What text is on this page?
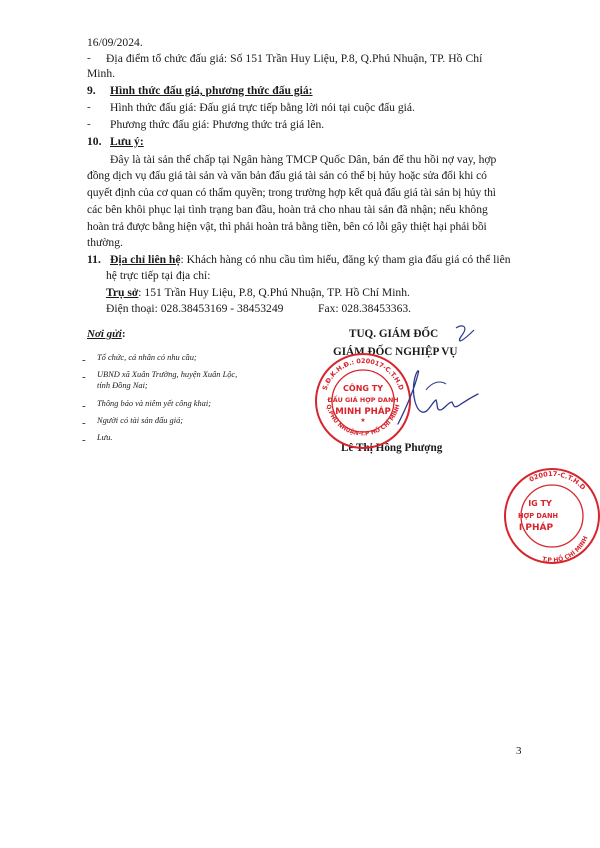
16/09/2024.

- Địa điểm tổ chức đấu giá: Số 151 Trần Huy Liệu, P.8, Q.Phú Nhuận, TP. Hồ Chí

Minh.

9. Hình thức đấu giá, phương thức đấu giá:

- Hình thức đấu giá: Đấu giá trực tiếp bằng lời nói tại cuộc đấu giá.

- Phương thức đấu giá: Phương thức trả giá lên.

10. Lưu ý:

Đây là tài sản thế chấp tại Ngân hàng TMCP Quốc Dân, bán để thu hồi nợ vay, hợp

đồng dịch vụ đấu giá tài sản và văn bản đấu giá tài sản có thể bị hủy hoặc sửa đổi khi có

quyết định của cơ quan có thẩm quyền; trong trường hợp kết quả đấu giá tài sản bị hủy thì

các bên khôi phục lại tình trạng ban đầu, hoàn trả cho nhau tài sản đã nhận; nếu không

hoàn trả được bằng hiện vật, thì phải hoàn trả bằng tiền, bên có lỗi gây thiệt hại phải bồi

thường.

11. Địa chỉ liên hệ: Khách hàng có nhu cầu tìm hiểu, đăng ký tham gia đấu giá có thể liên

hệ trực tiếp tại địa chỉ:

Trụ sở: 151 Trần Huy Liệu, P.8, Q.Phú Nhuận, TP. Hồ Chí Minh.

Điện thoại: 028.38453169 - 38453249	Fax: 028.38453363.

Nơi gửi:

- Tổ chức, cá nhân có nhu cầu;

- UBND xã Xuân Trường, huyện Xuân Lộc,

tỉnh Đồng Nai;

- Thông báo và niêm yết công khai;

- Người có tài sản đấu giá;

- Lưu.

TUQ. GIÁM ĐỐC

GIÁM ĐỐC NGHIỆP VỤ

Lê Thị Hồng Phượng

S.Đ.K.H.Đ.: 020017-C.T.H.D
Q.PHÚ NHUẬN-T.P HỒ CHÍ MINH
CÔNG TY
ĐẤU GIÁ HỢP DANH
MINH PHÁP
★
020017-C.T.H.D
T.P HỒ CHÍ MINH
IG TY
HỢP DANH
I PHÁP

3
